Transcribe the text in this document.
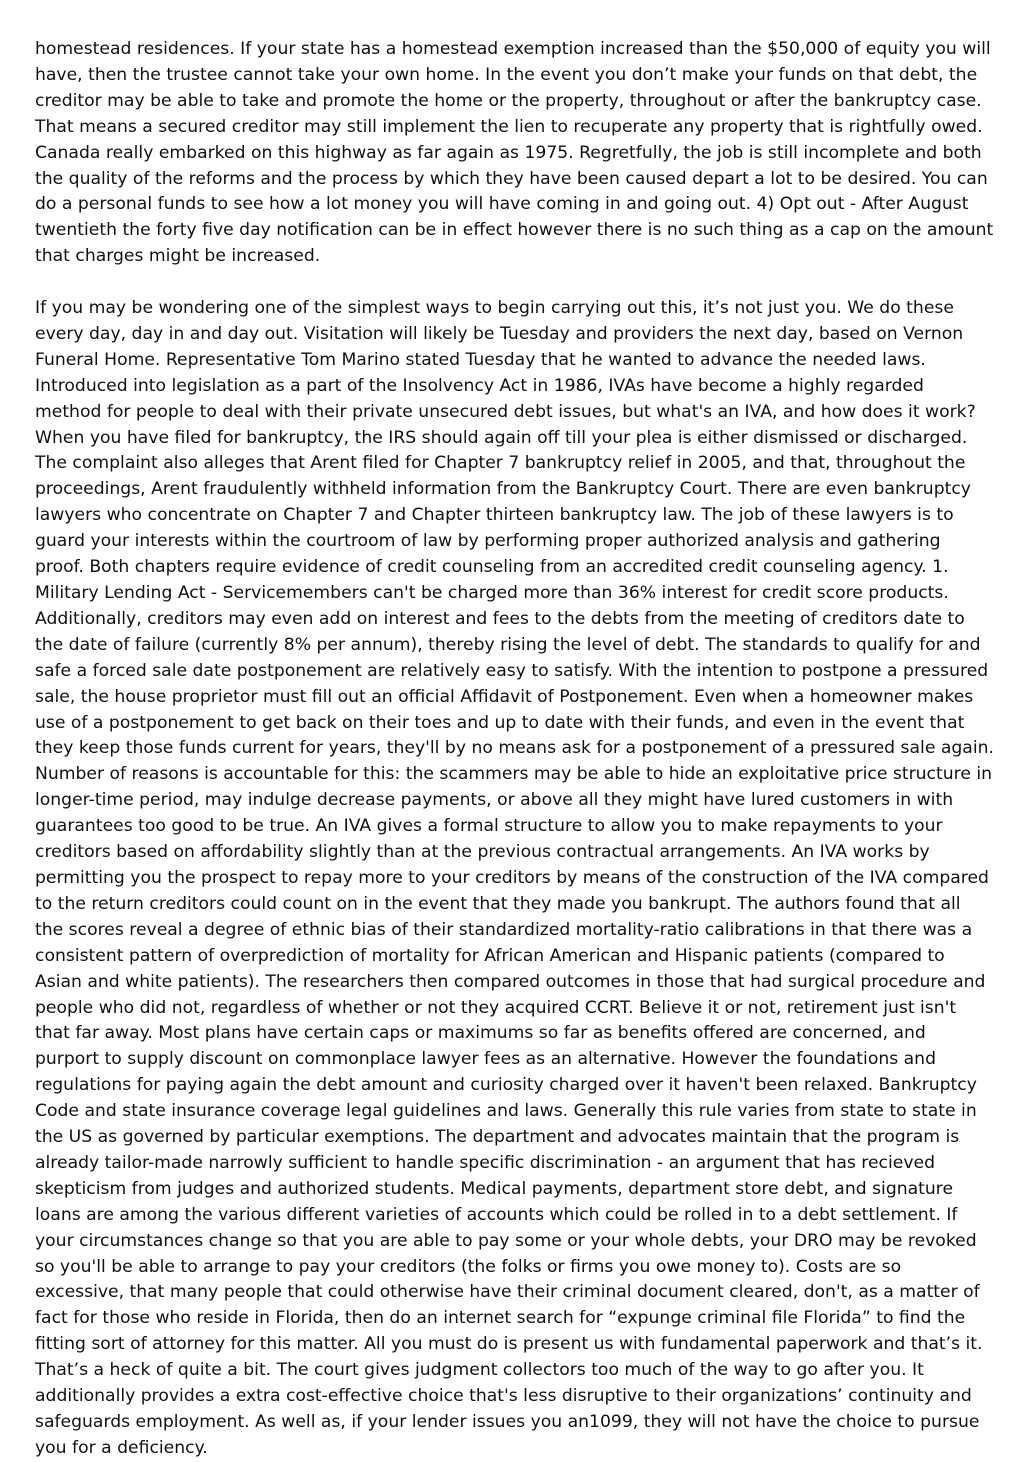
homestead residences. If your state has a homestead exemption increased than the $50,000 of equity you will have, then the trustee cannot take your own home. In the event you don’t make your funds on that debt, the creditor may be able to take and promote the home or the property, throughout or after the bankruptcy case. That means a secured creditor may still implement the lien to recuperate any property that is rightfully owed. Canada really embarked on this highway as far again as 1975. Regretfully, the job is still incomplete and both the quality of the reforms and the process by which they have been caused depart a lot to be desired. You can do a personal funds to see how a lot money you will have coming in and going out. 4) Opt out - After August twentieth the forty five day notification can be in effect however there is no such thing as a cap on the amount that charges might be increased.

If you may be wondering one of the simplest ways to begin carrying out this, it’s not just you. We do these every day, day in and day out. Visitation will likely be Tuesday and providers the next day, based on Vernon Funeral Home. Representative Tom Marino stated Tuesday that he wanted to advance the needed laws. Introduced into legislation as a part of the Insolvency Act in 1986, IVAs have become a highly regarded method for people to deal with their private unsecured debt issues, but what's an IVA, and how does it work? When you have filed for bankruptcy, the IRS should again off till your plea is either dismissed or discharged. The complaint also alleges that Arent filed for Chapter 7 bankruptcy relief in 2005, and that, throughout the proceedings, Arent fraudulently withheld information from the Bankruptcy Court. There are even bankruptcy lawyers who concentrate on Chapter 7 and Chapter thirteen bankruptcy law. The job of these lawyers is to guard your interests within the courtroom of law by performing proper authorized analysis and gathering proof. Both chapters require evidence of credit counseling from an accredited credit counseling agency. 1. Military Lending Act - Servicemembers can't be charged more than 36% interest for credit score products. Additionally, creditors may even add on interest and fees to the debts from the meeting of creditors date to the date of failure (currently 8% per annum), thereby rising the level of debt. The standards to qualify for and safe a forced sale date postponement are relatively easy to satisfy. With the intention to postpone a pressured sale, the house proprietor must fill out an official Affidavit of Postponement. Even when a homeowner makes use of a postponement to get back on their toes and up to date with their funds, and even in the event that they keep those funds current for years, they'll by no means ask for a postponement of a pressured sale again. Number of reasons is accountable for this: the scammers may be able to hide an exploitative price structure in longer-time period, may indulge decrease payments, or above all they might have lured customers in with guarantees too good to be true. An IVA gives a formal structure to allow you to make repayments to your creditors based on affordability slightly than at the previous contractual arrangements. An IVA works by permitting you the prospect to repay more to your creditors by means of the construction of the IVA compared to the return creditors could count on in the event that they made you bankrupt. The authors found that all the scores reveal a degree of ethnic bias of their standardized mortality-ratio calibrations in that there was a consistent pattern of overprediction of mortality for African American and Hispanic patients (compared to Asian and white patients). The researchers then compared outcomes in those that had surgical procedure and people who did not, regardless of whether or not they acquired CCRT. Believe it or not, retirement just isn't that far away. Most plans have certain caps or maximums so far as benefits offered are concerned, and purport to supply discount on commonplace lawyer fees as an alternative. However the foundations and regulations for paying again the debt amount and curiosity charged over it haven't been relaxed. Bankruptcy Code and state insurance coverage legal guidelines and laws. Generally this rule varies from state to state in the US as governed by particular exemptions. The department and advocates maintain that the program is already tailor-made narrowly sufficient to handle specific discrimination - an argument that has recieved skepticism from judges and authorized students. Medical payments, department store debt, and signature loans are among the various different varieties of accounts which could be rolled in to a debt settlement. If your circumstances change so that you are able to pay some or your whole debts, your DRO may be revoked so you'll be able to arrange to pay your creditors (the folks or firms you owe money to). Costs are so excessive, that many people that could otherwise have their criminal document cleared, don't, as a matter of fact for those who reside in Florida, then do an internet search for “expunge criminal file Florida” to find the fitting sort of attorney for this matter. All you must do is present us with fundamental paperwork and that’s it. That’s a heck of quite a bit. The court gives judgment collectors too much of the way to go after you. It additionally provides a extra cost-effective choice that's less disruptive to their organizations’ continuity and safeguards employment. As well as, if your lender issues you an1099, they will not have the choice to pursue you for a deficiency.
